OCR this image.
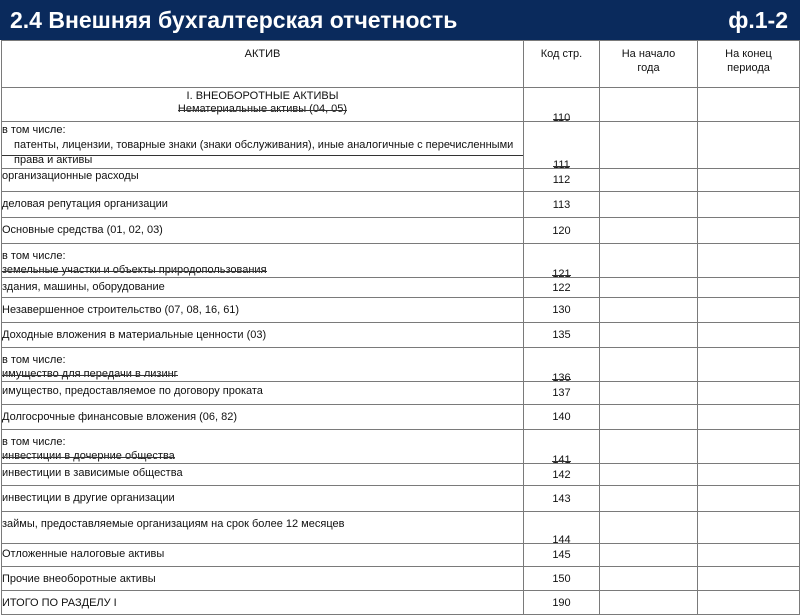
2.4 Внешняя бухгалтерская отчетность	ф.1-2
АКТИВ	Код стр.	На начало года	На конец периода

I. ВНЕОБОРОТНЫЕ АКТИВЫ
Нематериальные активы (04, 05)	110		

в том числе:
патенты, лицензии, товарные знаки (знаки обслуживания), иные аналогичные с перечисленными права и активы	111		

организационные расходы	112		

деловая репутация организации	113		

Основные средства (01, 02, 03)	120		

в том числе:
земельные участки и объекты природопользования	121		

здания, машины, оборудование	122		

Незавершенное строительство (07, 08, 16, 61)	130		

Доходные вложения в материальные ценности (03)	135		

в том числе:
имущество для передачи в лизинг	136		

имущество, предоставляемое по договору проката	137		

Долгосрочные финансовые вложения (06, 82)	140		

в том числе:
инвестиции в дочерние общества	141		

инвестиции в зависимые общества	142		

инвестиции в другие организации	143		

займы, предоставляемые организациям на срок более 12 месяцев	144		

Отложенные налоговые активы	145		

Прочие внеоборотные активы	150		

ИТОГО ПО РАЗДЕЛУ I	190		
